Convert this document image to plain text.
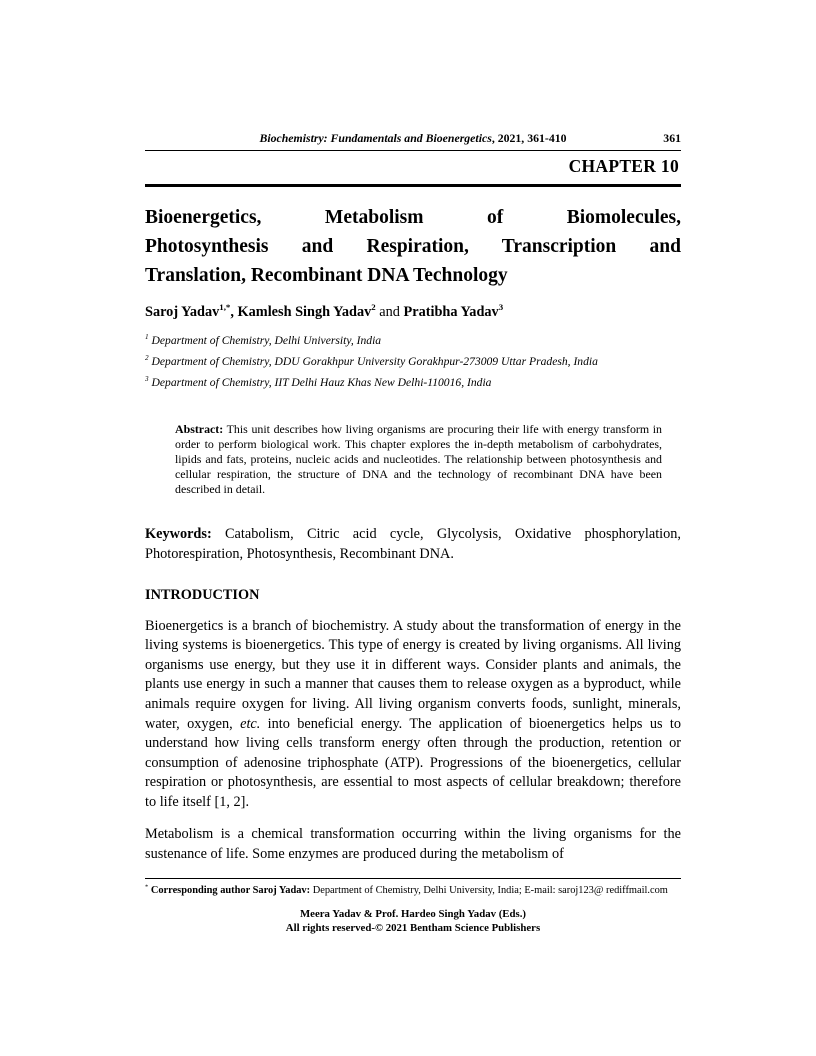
Biochemistry: Fundamentals and Bioenergetics, 2021, 361-410	361
CHAPTER 10
Bioenergetics, Metabolism of Biomolecules,
Photosynthesis and Respiration, Transcription and
Translation, Recombinant DNA Technology

Saroj Yadav$^{1,*}$, Kamlesh Singh Yadav$^2$ and Pratibha Yadav$^3$

$^1$ Department of Chemistry, Delhi University, India
$^2$ Department of Chemistry, DDU Gorakhpur University Gorakhpur-273009 Uttar Pradesh, India
$^3$ Department of Chemistry, IIT Delhi Hauz Khas New Delhi-110016, India
Abstract: This unit describes how living organisms are procuring their life with energy transform in order to perform biological work. This chapter explores the in-depth metabolism of carbohydrates, lipids and fats, proteins, nucleic acids and nucleotides. The relationship between photosynthesis and cellular respiration, the structure of DNA and the technology of recombinant DNA have been described in detail.
Keywords: Catabolism, Citric acid cycle, Glycolysis, Oxidative phosphorylation, Photorespiration, Photosynthesis, Recombinant DNA.
INTRODUCTION

Bioenergetics is a branch of biochemistry. A study about the transformation of energy in the living systems is bioenergetics. This type of energy is created by living organisms. All living organisms use energy, but they use it in different ways. Consider plants and animals, the plants use energy in such a manner that causes them to release oxygen as a byproduct, while animals require oxygen for living. All living organism converts foods, sunlight, minerals, water, oxygen, etc. into beneficial energy. The application of bioenergetics helps us to understand how living cells transform energy often through the production, retention or consumption of adenosine triphosphate (ATP). Progressions of the bioenergetics, cellular respiration or photosynthesis, are essential to most aspects of cellular breakdown; therefore to life itself [1, 2].

Metabolism is a chemical transformation occurring within the living organisms for the sustenance of life. Some enzymes are produced during the metabolism of

* Corresponding author Saroj Yadav: Department of Chemistry, Delhi University, India; E-mail: saroj123@ rediffmail.com
Meera Yadav & Prof. Hardeo Singh Yadav (Eds.)
All rights reserved-© 2021 Bentham Science Publishers
